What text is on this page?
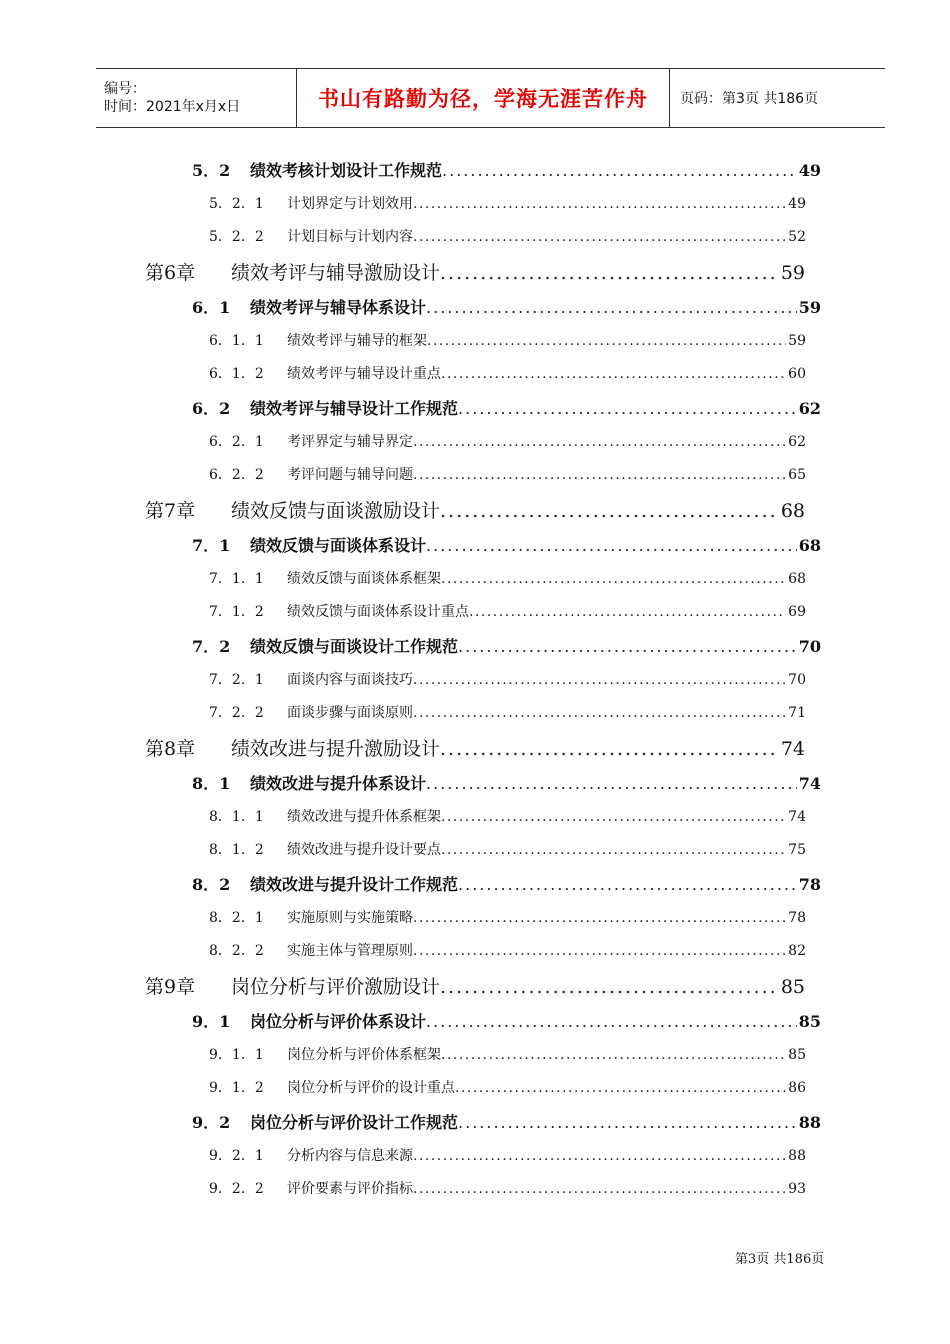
编号：
时间：2021年x月x日	书山有路勤为径，学海无涯苦作舟	页码：第3页 共186页
5．2	绩效考核计划设计工作规范 .....	49
5．2．1	计划界定与计划效用 .....	49
5．2．2	计划目标与计划内容 .....	52
第6章	绩效考评与辅导激励设计 .....	59
6．1	绩效考评与辅导体系设计 .....	59
6．1．1	绩效考评与辅导的框架 .....	59
6．1．2	绩效考评与辅导设计重点 .....	60
6．2	绩效考评与辅导设计工作规范 .....	62
6．2．1	考评界定与辅导界定 .....	62
6．2．2	考评问题与辅导问题 .....	65
第7章	绩效反馈与面谈激励设计 .....	68
7．1	绩效反馈与面谈体系设计 .....	68
7．1．1	绩效反馈与面谈体系框架 .....	68
7．1．2	绩效反馈与面谈体系设计重点 .....	69
7．2	绩效反馈与面谈设计工作规范 .....	70
7．2．1	面谈内容与面谈技巧 .....	70
7．2．2	面谈步骤与面谈原则 .....	71
第8章	绩效改进与提升激励设计 .....	74
8．1	绩效改进与提升体系设计 .....	74
8．1．1	绩效改进与提升体系框架 .....	74
8．1．2	绩效改进与提升设计要点 .....	75
8．2	绩效改进与提升设计工作规范 .....	78
8．2．1	实施原则与实施策略 .....	78
8．2．2	实施主体与管理原则 .....	82
第9章	岗位分析与评价激励设计 .....	85
9．1	岗位分析与评价体系设计 .....	85
9．1．1	岗位分析与评价体系框架 .....	85
9．1．2	岗位分析与评价的设计重点 .....	86
9．2	岗位分析与评价设计工作规范 .....	88
9．2．1	分析内容与信息来源 .....	88
9．2．2	评价要素与评价指标 .....	93
第3页 共186页
